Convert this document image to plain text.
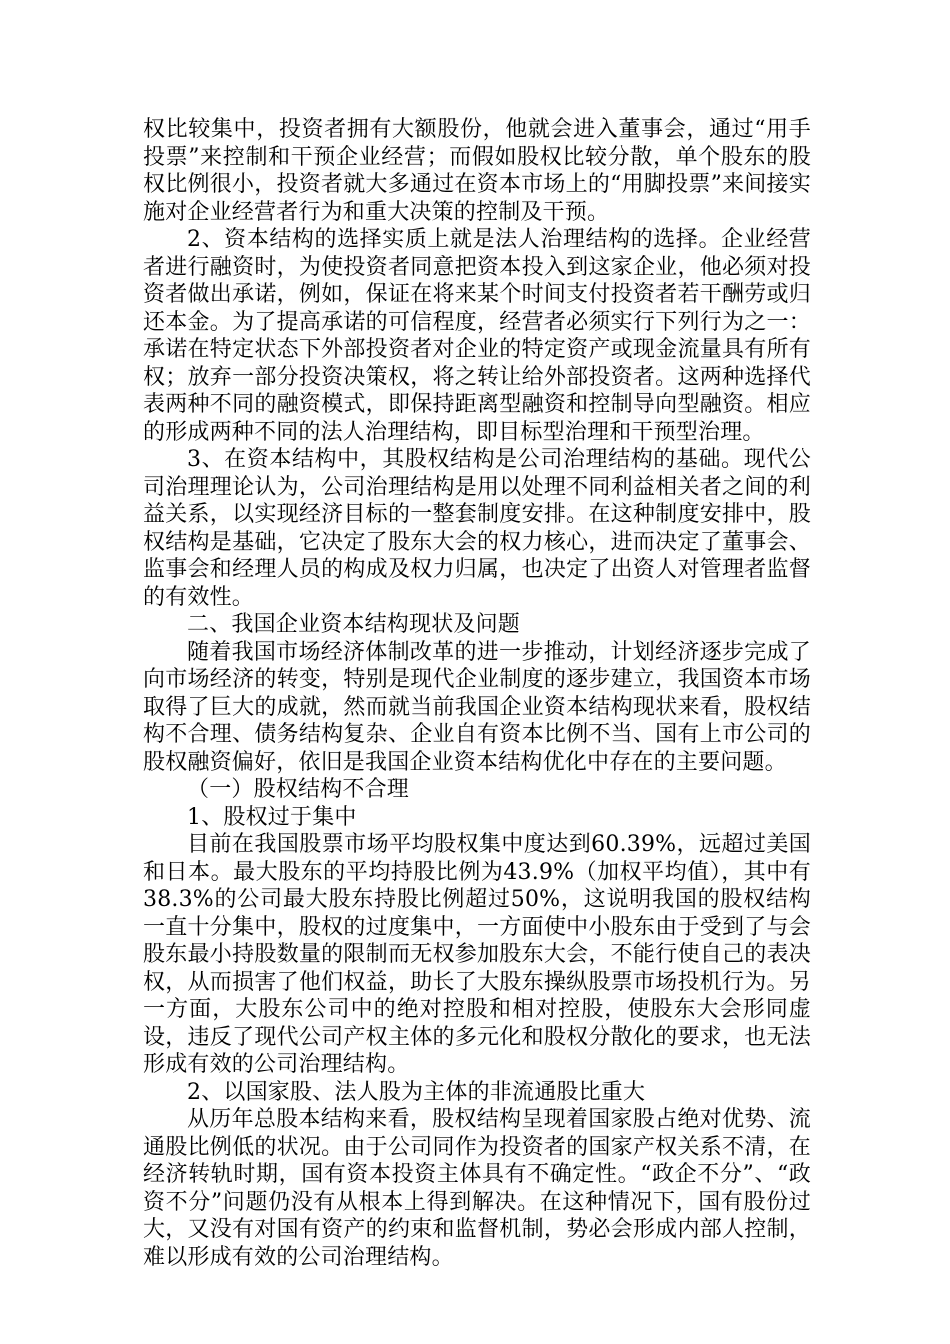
权比较集中，投资者拥有大额股份，他就会进入董事会，通过“用手投票”来控制和干预企业经营；而假如股权比较分散，单个股东的股权比例很小，投资者就大多通过在资本市场上的“用脚投票”来间接实施对企业经营者行为和重大决策的控制及干预。

2、资本结构的选择实质上就是法人治理结构的选择。企业经营者进行融资时，为使投资者同意把资本投入到这家企业，他必须对投资者做出承诺，例如，保证在将来某个时间支付投资者若干酬劳或归还本金。为了提高承诺的可信程度，经营者必须实行下列行为之一：承诺在特定状态下外部投资者对企业的特定资产或现金流量具有所有权；放弃一部分投资决策权，将之转让给外部投资者。这两种选择代表两种不同的融资模式，即保持距离型融资和控制导向型融资。相应的形成两种不同的法人治理结构，即目标型治理和干预型治理。

3、在资本结构中，其股权结构是公司治理结构的基础。现代公司治理理论认为，公司治理结构是用以处理不同利益相关者之间的利益关系，以实现经济目标的一整套制度安排。在这种制度安排中，股权结构是基础，它决定了股东大会的权力核心，进而决定了董事会、监事会和经理人员的构成及权力归属，也决定了出资人对管理者监督的有效性。

二、我国企业资本结构现状及问题

随着我国市场经济体制改革的进一步推动，计划经济逐步完成了向市场经济的转变，特别是现代企业制度的逐步建立，我国资本市场取得了巨大的成就，然而就当前我国企业资本结构现状来看，股权结构不合理、债务结构复杂、企业自有资本比例不当、国有上市公司的股权融资偏好，依旧是我国企业资本结构优化中存在的主要问题。

（一）股权结构不合理

1、股权过于集中

目前在我国股票市场平均股权集中度达到60.39%，远超过美国和日本。最大股东的平均持股比例为43.9%（加权平均值），其中有38.3%的公司最大股东持股比例超过50%，这说明我国的股权结构一直十分集中，股权的过度集中，一方面使中小股东由于受到了与会股东最小持股数量的限制而无权参加股东大会，不能行使自己的表决权，从而损害了他们权益，助长了大股东操纵股票市场投机行为。另一方面，大股东公司中的绝对控股和相对控股，使股东大会形同虚设，违反了现代公司产权主体的多元化和股权分散化的要求，也无法形成有效的公司治理结构。

2、以国家股、法人股为主体的非流通股比重大

从历年总股本结构来看，股权结构呈现着国家股占绝对优势、流通股比例低的状况。由于公司同作为投资者的国家产权关系不清，在经济转轨时期，国有资本投资主体具有不确定性。“政企不分”、“政资不分”问题仍没有从根本上得到解决。在这种情况下，国有股份过大，又没有对国有资产的约束和监督机制，势必会形成内部人控制，难以形成有效的公司治理结构。
